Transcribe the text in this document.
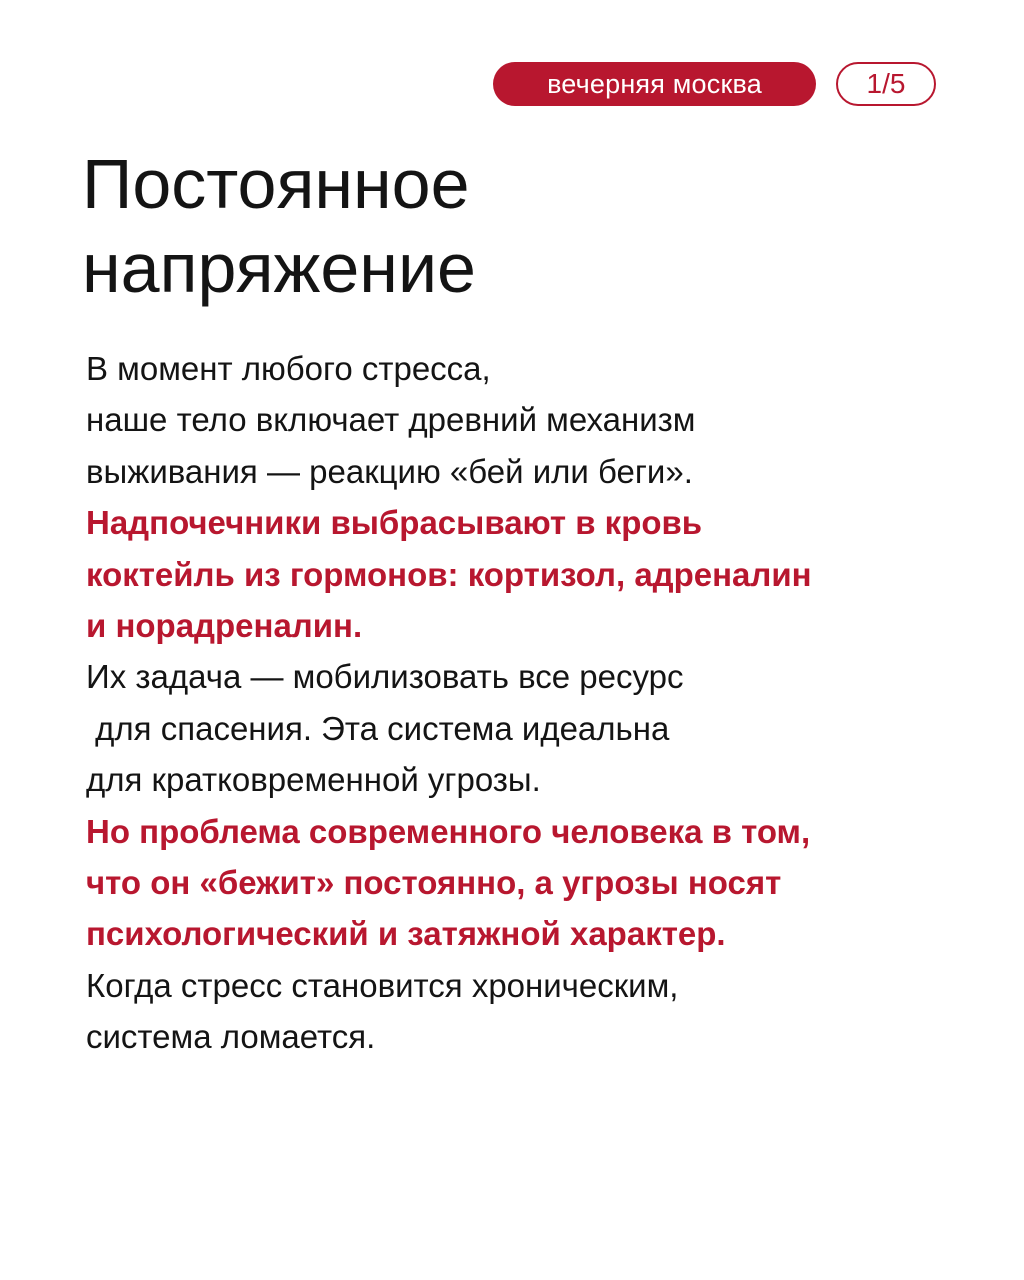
вечерняя москва	1/5
Постоянное
напряжение
В момент любого стресса,
наше тело включает древний механизм
выживания — реакцию «бей или беги».
Надпочечники выбрасывают в кровь
коктейль из гормонов: кортизол, адреналин
и норадреналин.
Их задача — мобилизовать все ресурс
для спасения. Эта система идеальна
для кратковременной угрозы.
Но проблема современного человека в том,
что он «бежит» постоянно, а угрозы носят
психологический и затяжной характер.
Когда стресс становится хроническим,
система ломается.
